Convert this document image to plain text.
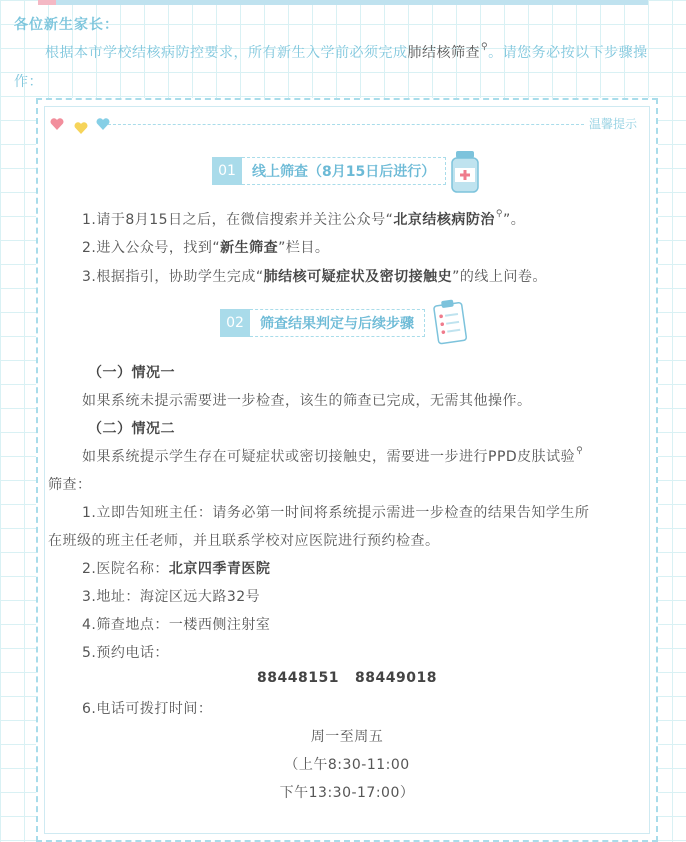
各位新生家长：
根据本市学校结核病防控要求，所有新生入学前必须完成肺结核筛查⚲。请您务必按以下步骤操作：
温馨提示
01	线上筛查（8月15日后进行）
1.请于8月15日之后，在微信搜索并关注公众号“北京结核病防治⚲”。
2.进入公众号，找到“新生筛查”栏目。
3.根据指引，协助学生完成“肺结核可疑症状及密切接触史”的线上问卷。
02	筛查结果判定与后续步骤
（一）情况一
如果系统未提示需要进一步检查，该生的筛查已完成，无需其他操作。
（二）情况二
如果系统提示学生存在可疑症状或密切接触史，需要进一步进行PPD皮肤试验⚲
筛查：
1.立即告知班主任：请务必第一时间将系统提示需进一步检查的结果告知学生所
在班级的班主任老师，并且联系学校对应医院进行预约检查。
2.医院名称：北京四季青医院
3.地址：海淀区远大路32号
4.筛查地点：一楼西侧注射室
5.预约电话：
88448151   88449018
6.电话可拨打时间：
周一至周五
（上午8:30-11:00
下午13:30-17:00）
